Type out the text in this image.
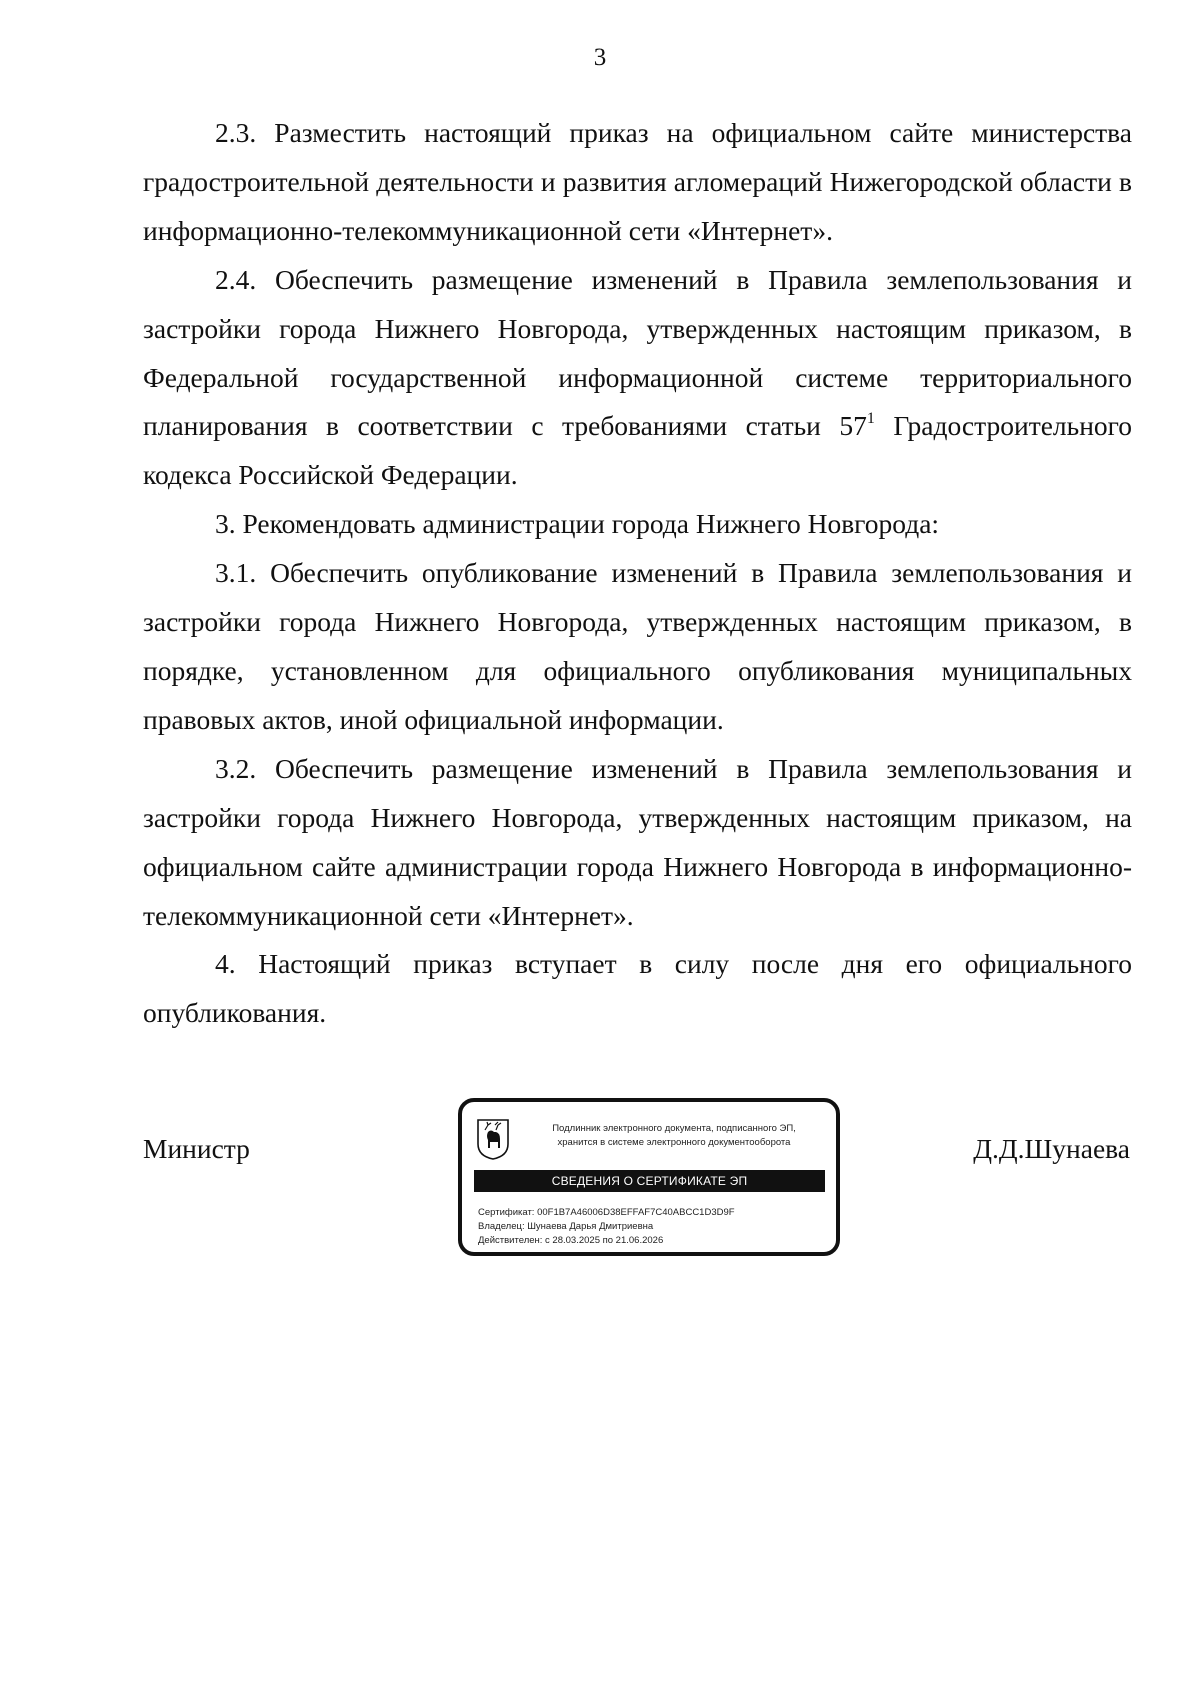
3

2.3. Разместить настоящий приказ на официальном сайте министерства градостроительной деятельности и развития агломераций Нижегородской области в информационно-телекоммуникационной сети «Интернет».

2.4. Обеспечить размещение изменений в Правила землепользования и застройки города Нижнего Новгорода, утвержденных настоящим приказом, в Федеральной государственной информационной системе территориального планирования в соответствии с требованиями статьи $57^1$ Градостроительного кодекса Российской Федерации.

3. Рекомендовать администрации города Нижнего Новгорода:

3.1. Обеспечить опубликование изменений в Правила землепользования и застройки города Нижнего Новгорода, утвержденных настоящим приказом, в порядке, установленном для официального опубликования муниципальных правовых актов, иной официальной информации.

3.2. Обеспечить размещение изменений в Правила землепользования и застройки города Нижнего Новгорода, утвержденных настоящим приказом, на официальном сайте администрации города Нижнего Новгорода в информационно-телекоммуникационной сети «Интернет».

4. Настоящий приказ вступает в силу после дня его официального опубликования.

Министр	Д.Д.Шунаева
Подлинник электронного документа, подписанного ЭП,
хранится в системе электронного документооборота
СВЕДЕНИЯ О СЕРТИФИКАТЕ ЭП
Сертификат: 00F1B7A46006D38EFFAF7C40ABCC1D3D9F
Владелец: Шунаева Дарья Дмитриевна
Действителен: с 28.03.2025 по 21.06.2026
